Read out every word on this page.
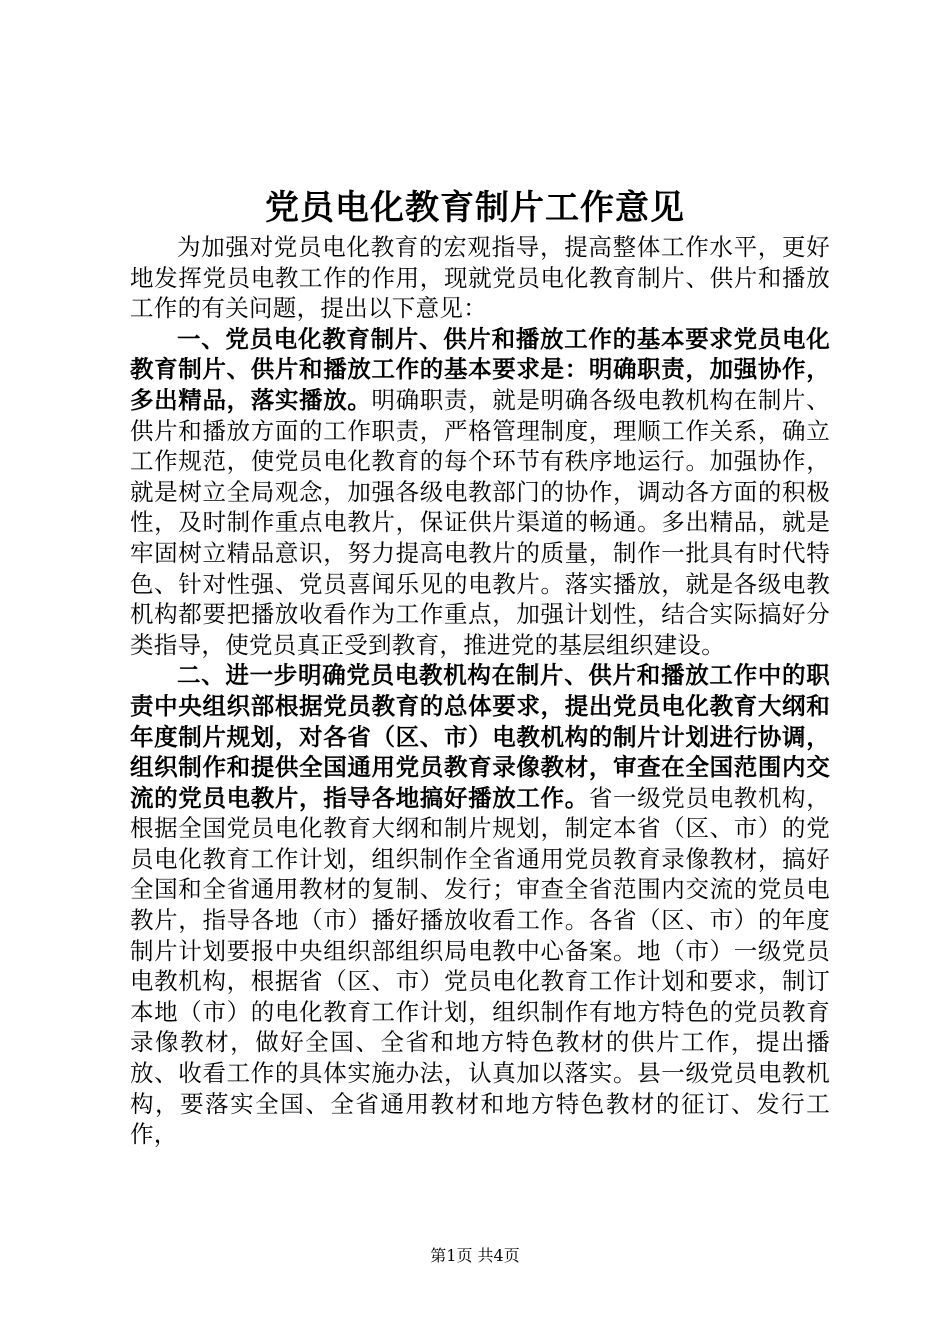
党员电化教育制片工作意见

为加强对党员电化教育的宏观指导，提高整体工作水平，更好地发挥党员电教工作的作用，现就党员电化教育制片、供片和播放工作的有关问题，提出以下意见：

一、党员电化教育制片、供片和播放工作的基本要求党员电化教育制片、供片和播放工作的基本要求是：明确职责，加强协作，多出精品，落实播放。明确职责，就是明确各级电教机构在制片、供片和播放方面的工作职责，严格管理制度，理顺工作关系，确立工作规范，使党员电化教育的每个环节有秩序地运行。加强协作，就是树立全局观念，加强各级电教部门的协作，调动各方面的积极性，及时制作重点电教片，保证供片渠道的畅通。多出精品，就是牢固树立精品意识，努力提高电教片的质量，制作一批具有时代特色、针对性强、党员喜闻乐见的电教片。落实播放，就是各级电教机构都要把播放收看作为工作重点，加强计划性，结合实际搞好分类指导，使党员真正受到教育，推进党的基层组织建设。

二、进一步明确党员电教机构在制片、供片和播放工作中的职责中央组织部根据党员教育的总体要求，提出党员电化教育大纲和年度制片规划，对各省（区、市）电教机构的制片计划进行协调，组织制作和提供全国通用党员教育录像教材，审查在全国范围内交流的党员电教片，指导各地搞好播放工作。省一级党员电教机构，根据全国党员电化教育大纲和制片规划，制定本省（区、市）的党员电化教育工作计划，组织制作全省通用党员教育录像教材，搞好全国和全省通用教材的复制、发行；审查全省范围内交流的党员电教片，指导各地（市）播好播放收看工作。各省（区、市）的年度制片计划要报中央组织部组织局电教中心备案。地（市）一级党员电教机构，根据省（区、市）党员电化教育工作计划和要求，制订本地（市）的电化教育工作计划，组织制作有地方特色的党员教育录像教材，做好全国、全省和地方特色教材的供片工作，提出播放、收看工作的具体实施办法，认真加以落实。县一级党员电教机构，要落实全国、全省通用教材和地方特色教材的征订、发行工作，

第1页 共4页
